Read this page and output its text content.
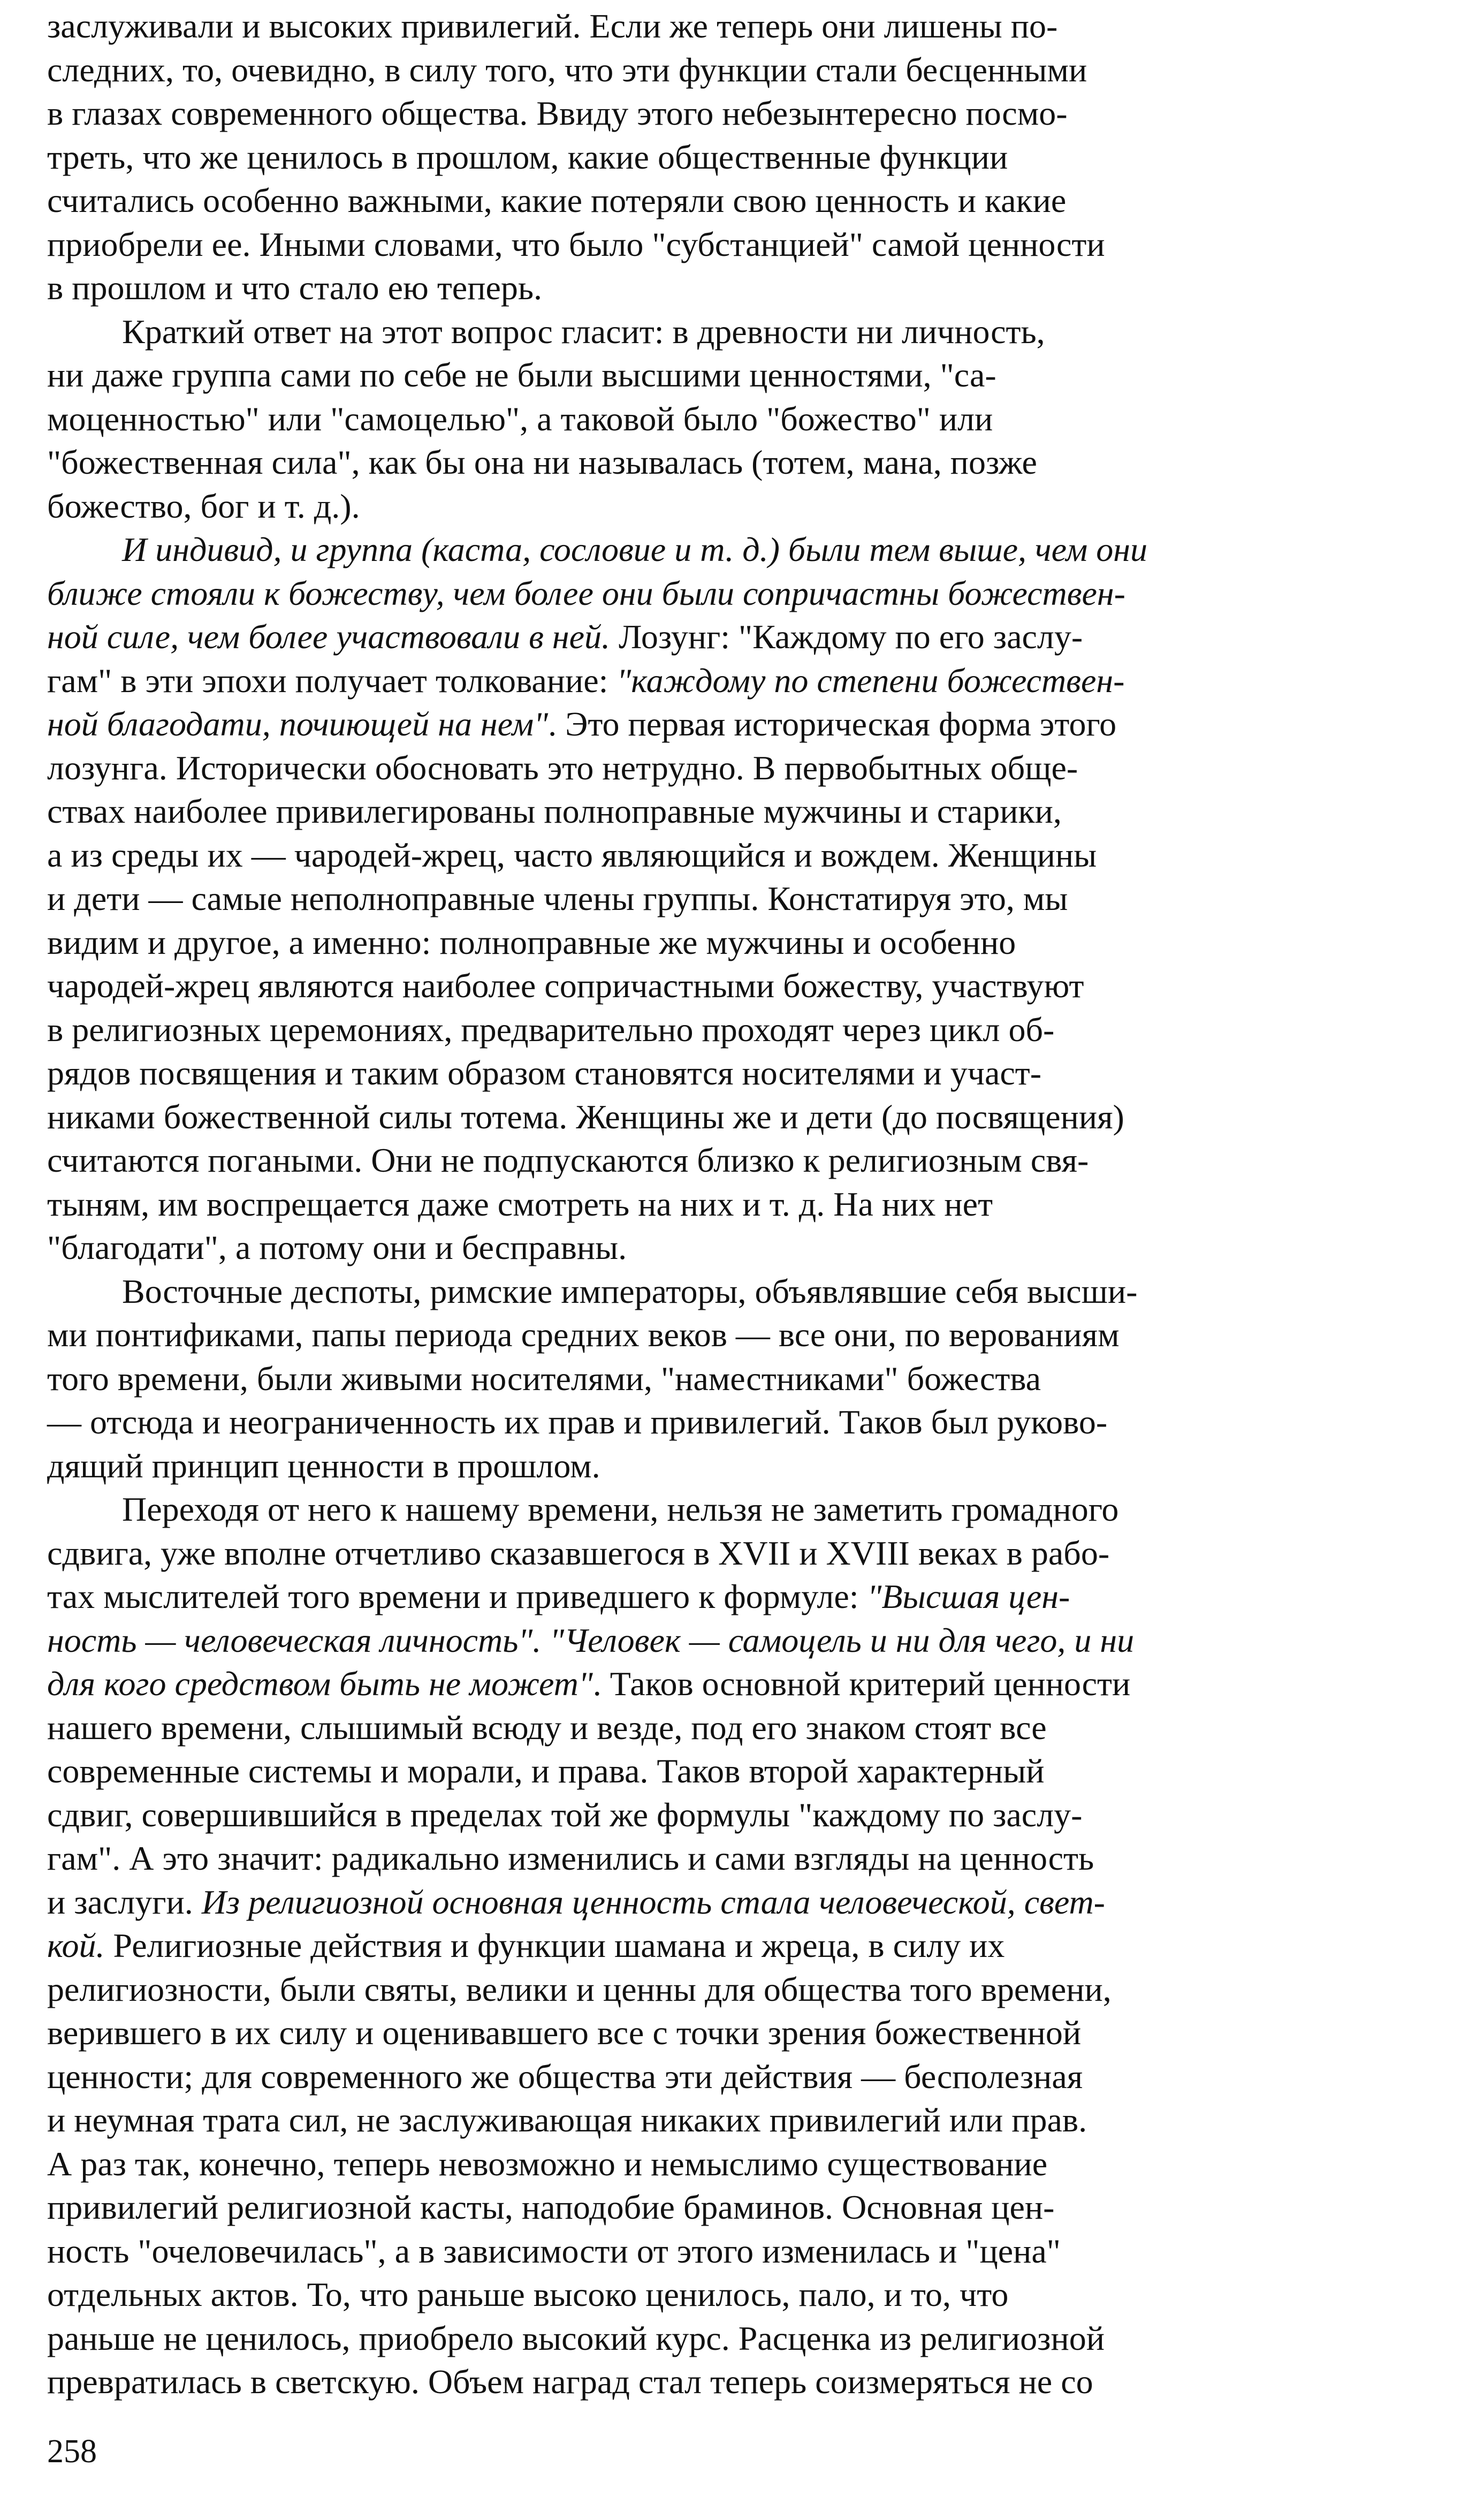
заслуживали и высоких привилегий. Если же теперь они лишены по-
следних, то, очевидно, в силу того, что эти функции стали бесценными
в глазах современного общества. Ввиду этого небезынтересно посмо-
треть, что же ценилось в прошлом, какие общественные функции
считались особенно важными, какие потеряли свою ценность и какие
приобрели ее. Иными словами, что было "субстанцией" самой ценности
в прошлом и что стало ею теперь.
Краткий ответ на этот вопрос гласит: в древности ни личность,
ни даже группа сами по себе не были высшими ценностями, "са-
моценностью" или "самоцелью", а таковой было "божество" или
"божественная сила", как бы она ни называлась (тотем, мана, позже
божество, бог и т. д.).
И индивид, и группа (каста, сословие и т. д.) были тем выше, чем они
ближе стояли к божеству, чем более они были сопричастны божествен-
ной силе, чем более участвовали в ней. Лозунг: "Каждому по его заслу-
гам" в эти эпохи получает толкование: "каждому по степени божествен-
ной благодати, почиющей на нем". Это первая историческая форма этого
лозунга. Исторически обосновать это нетрудно. В первобытных обще-
ствах наиболее привилегированы полноправные мужчины и старики,
а из среды их — чародей-жрец, часто являющийся и вождем. Женщины
и дети — самые неполноправные члены группы. Констатируя это, мы
видим и другое, а именно: полноправные же мужчины и особенно
чародей-жрец являются наиболее сопричастными божеству, участвуют
в религиозных церемониях, предварительно проходят через цикл об-
рядов посвящения и таким образом становятся носителями и участ-
никами божественной силы тотема. Женщины же и дети (до посвящения)
считаются погаными. Они не подпускаются близко к религиозным свя-
тыням, им воспрещается даже смотреть на них и т. д. На них нет
"благодати", а потому они и бесправны.
Восточные деспоты, римские императоры, объявлявшие себя высши-
ми понтификами, папы периода средних веков — все они, по верованиям
того времени, были живыми носителями, "наместниками" божества
— отсюда и неограниченность их прав и привилегий. Таков был руково-
дящий принцип ценности в прошлом.
Переходя от него к нашему времени, нельзя не заметить громадного
сдвига, уже вполне отчетливо сказавшегося в XVII и XVIII веках в рабо-
тах мыслителей того времени и приведшего к формуле: "Высшая цен-
ность — человеческая личность". "Человек — самоцель и ни для чего, и ни
для кого средством быть не может". Таков основной критерий ценности
нашего времени, слышимый всюду и везде, под его знаком стоят все
современные системы и морали, и права. Таков второй характерный
сдвиг, совершившийся в пределах той же формулы "каждому по заслу-
гам". А это значит: радикально изменились и сами взгляды на ценность
и заслуги. Из религиозной основная ценность стала человеческой, свет-
кой. Религиозные действия и функции шамана и жреца, в силу их
религиозности, были святы, велики и ценны для общества того времени,
верившего в их силу и оценивавшего все с точки зрения божественной
ценности; для современного же общества эти действия — бесполезная
и неумная трата сил, не заслуживающая никаких привилегий или прав.
А раз так, конечно, теперь невозможно и немыслимо существование
привилегий религиозной касты, наподобие браминов. Основная цен-
ность "очеловечилась", а в зависимости от этого изменилась и "цена"
отдельных актов. То, что раньше высоко ценилось, пало, и то, что
раньше не ценилось, приобрело высокий курс. Расценка из религиозной
превратилась в светскую. Объем наград стал теперь соизмеряться не со
258
